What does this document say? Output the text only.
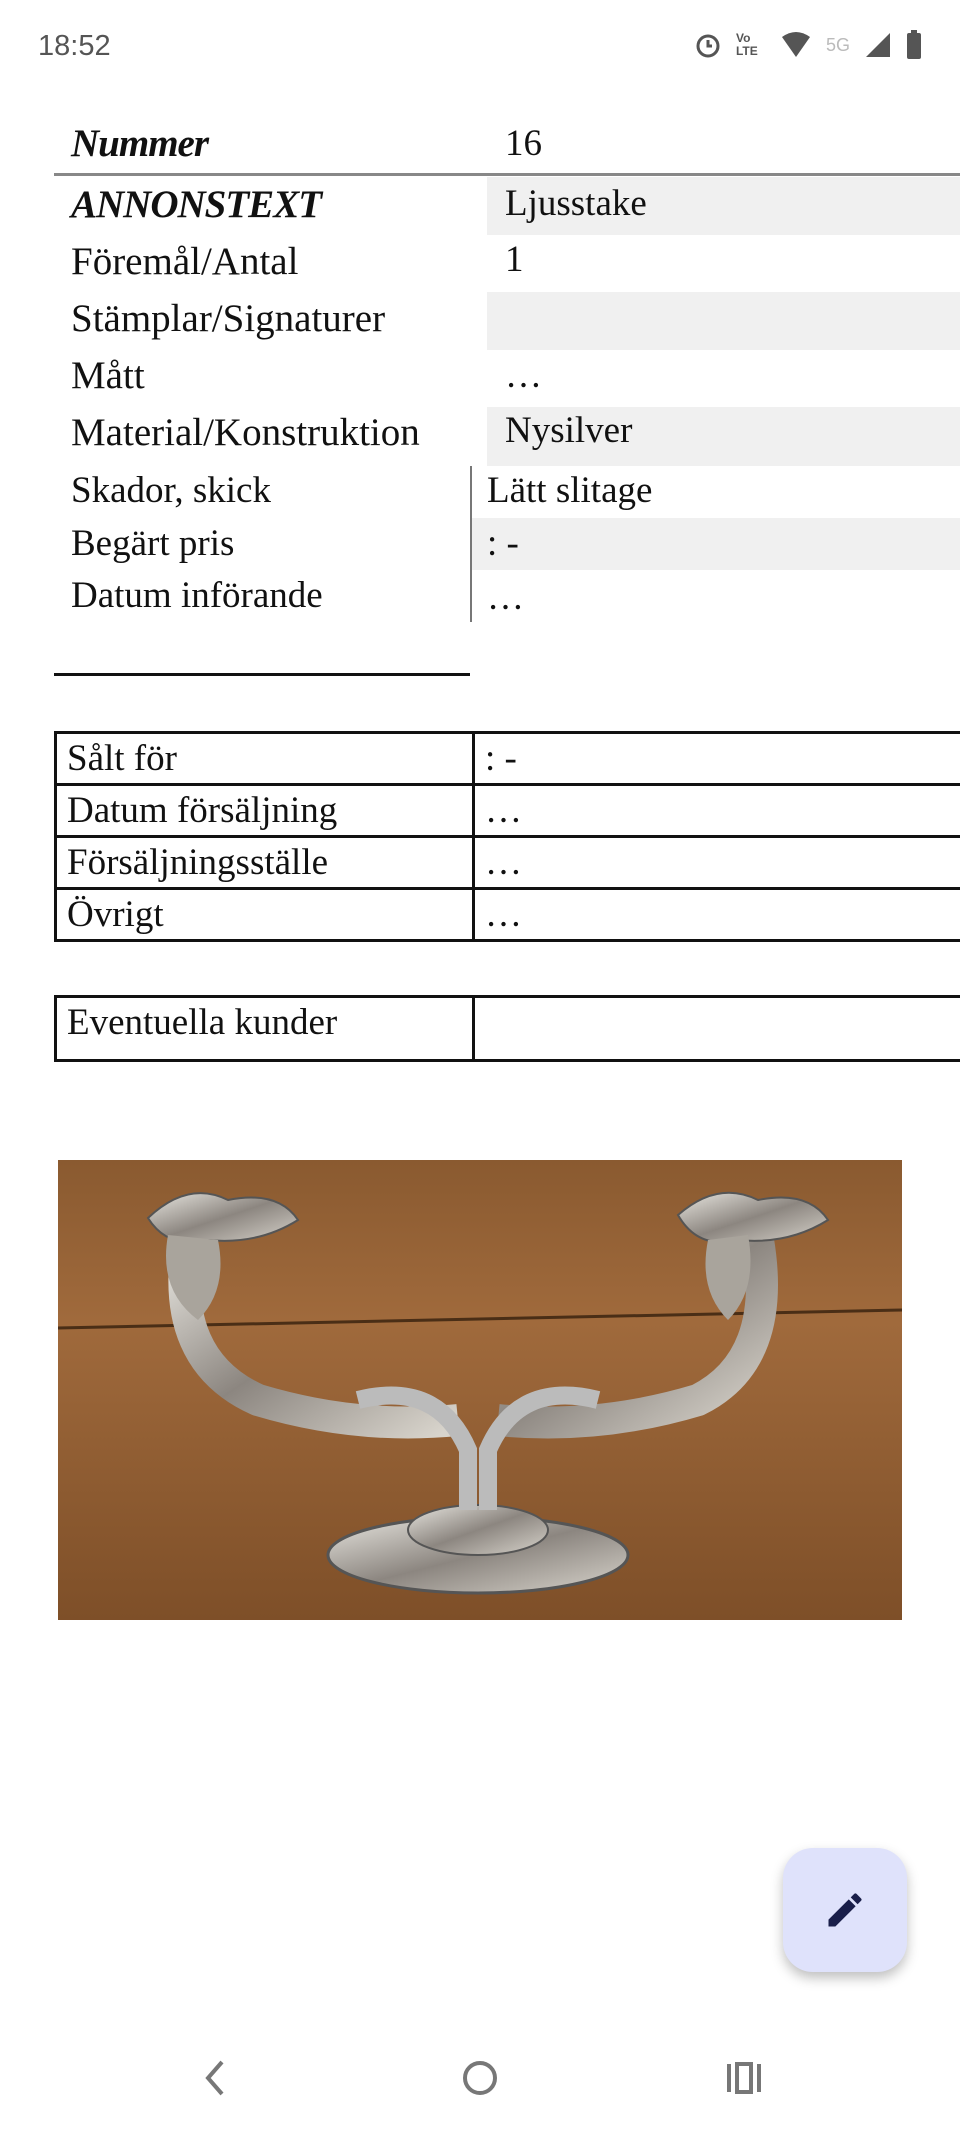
18:52	Vo LTE	5G
Nummer	16
ANNONSTEXT	Ljusstake
Föremål/Antal	1
Stämplar/Signaturer
Mått	…
Material/Konstruktion Nysilver
Skador, skick	Lätt slitage
Begärt pris	: -
Datum införande	…
Sålt för	: -
Datum försäljning	…
Försäljningsställe	…
Övrigt	…
Eventuella kunder	
